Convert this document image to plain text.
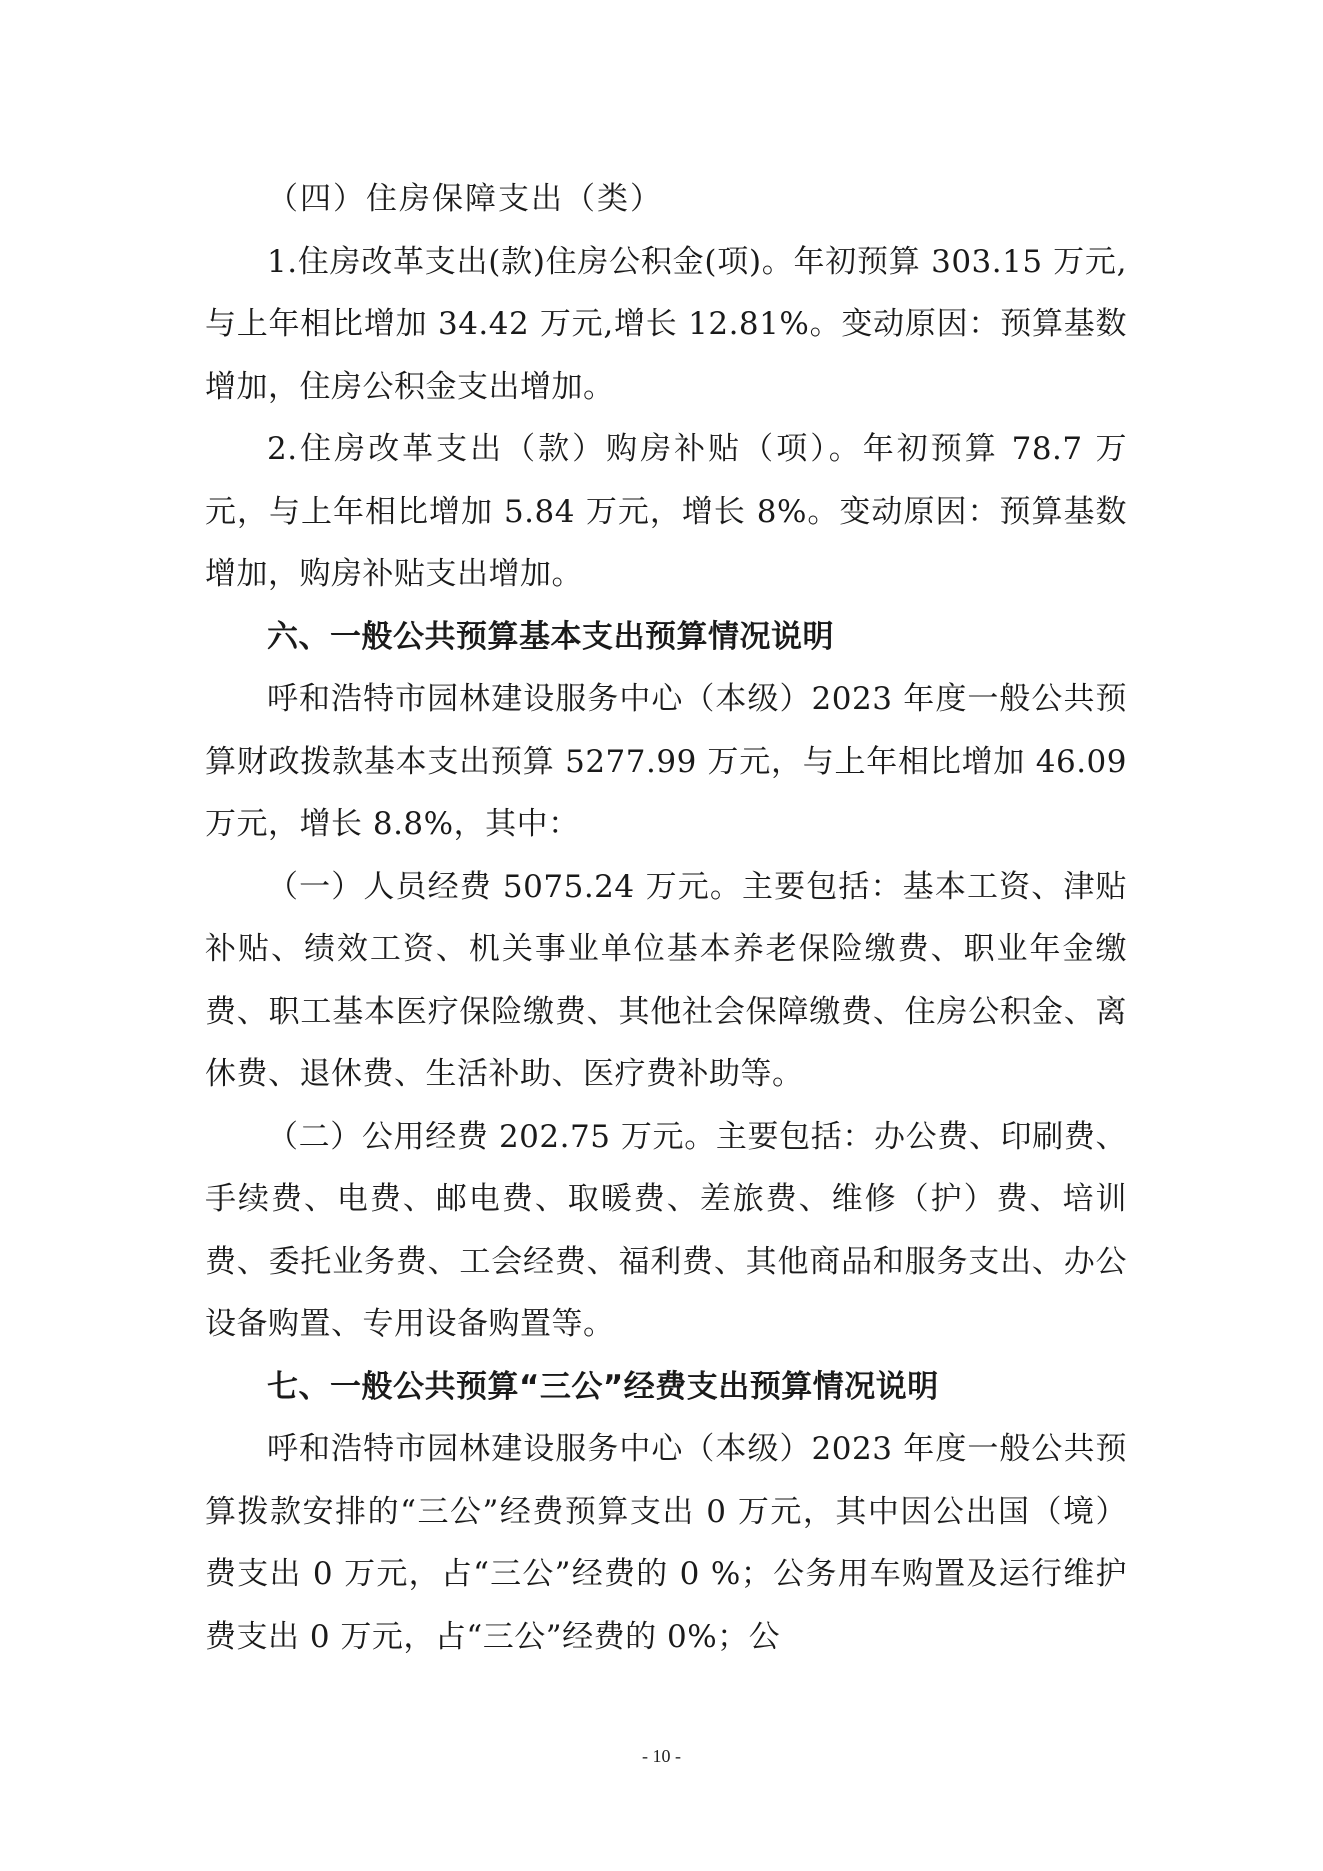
（四）住房保障支出（类）

1.住房改革支出(款)住房公积金(项)。年初预算 303.15 万元,与上年相比增加 34.42 万元,增长 12.81%。变动原因：预算基数增加，住房公积金支出增加。

2.住房改革支出（款）购房补贴（项）。年初预算 78.7 万元，与上年相比增加 5.84 万元，增长 8%。变动原因：预算基数增加，购房补贴支出增加。

六、一般公共预算基本支出预算情况说明

呼和浩特市园林建设服务中心（本级）2023 年度一般公共预算财政拨款基本支出预算 5277.99 万元，与上年相比增加 46.09 万元，增长 8.8%，其中：

（一）人员经费 5075.24 万元。主要包括：基本工资、津贴补贴、绩效工资、机关事业单位基本养老保险缴费、职业年金缴费、职工基本医疗保险缴费、其他社会保障缴费、住房公积金、离休费、退休费、生活补助、医疗费补助等。

（二）公用经费 202.75 万元。主要包括：办公费、印刷费、手续费、电费、邮电费、取暖费、差旅费、维修（护）费、培训费、委托业务费、工会经费、福利费、其他商品和服务支出、办公设备购置、专用设备购置等。

七、一般公共预算“三公”经费支出预算情况说明

呼和浩特市园林建设服务中心（本级）2023 年度一般公共预算拨款安排的“三公”经费预算支出 0 万元，其中因公出国（境）费支出 0 万元，占“三公”经费的 0 %；公务用车购置及运行维护费支出 0 万元，占“三公”经费的 0%；公

- 10 -
